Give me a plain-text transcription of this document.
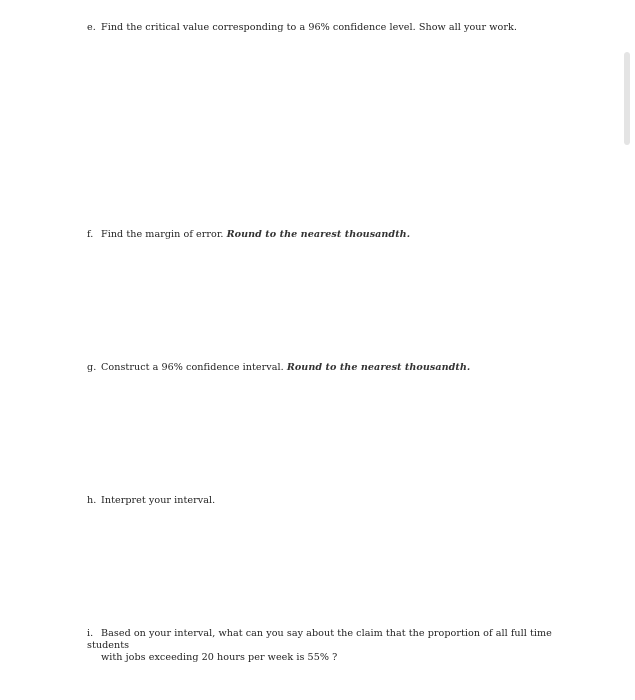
e. Find the critical value corresponding to a 96% confidence level. Show all your work.
f. Find the margin of error. Round to the nearest thousandth.
g. Construct a 96% confidence interval. Round to the nearest thousandth.
h. Interpret your interval.
i. Based on your interval, what can you say about the claim that the proportion of all full time students
with jobs exceeding 20 hours per week is 55% ?
